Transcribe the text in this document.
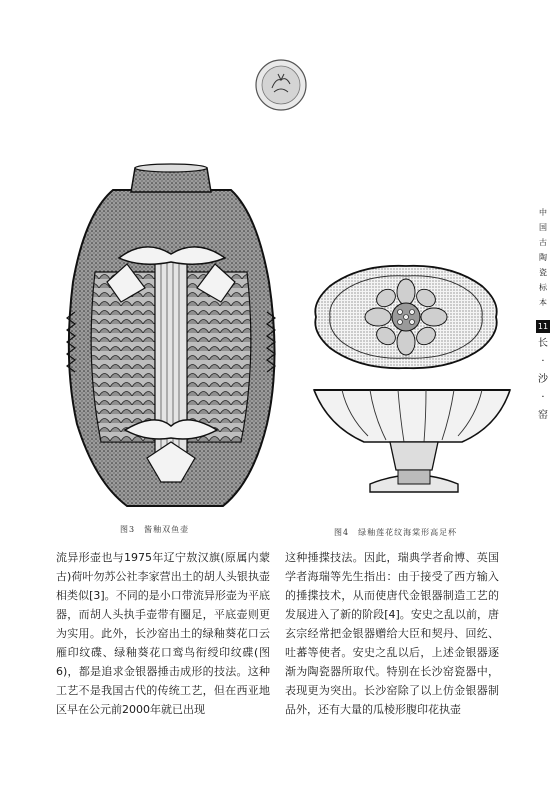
图3　酱釉双鱼壶	图4　绿釉莲花纹海棠形高足杯
中
国
古
陶
瓷
标
本
11
长
·
沙
·
窑

流异形壶也与1975年辽宁敖汉旗(原属内蒙古)荷叶勿苏公社李家营出土的胡人头银执壶相类似[3]。不同的是小口带流异形壶为平底器，而胡人头执手壶带有圈足，平底壶则更为实用。此外，长沙窑出土的绿釉葵花口云雁印纹碟、绿釉葵花口鸾鸟衔绶印纹碟(图6)，都是追求金银器捶击成形的技法。这种工艺不是我国古代的传统工艺，但在西亚地区早在公元前2000年就已出现

这种捶揲技法。因此，瑞典学者俞博、英国学者海瑞等先生指出：由于接受了西方输入的捶揲技术，从而使唐代金银器制造工艺的发展进入了新的阶段[4]。安史之乱以前，唐玄宗经常把金银器赠给大臣和契丹、回纥、吐蕃等使者。安史之乱以后，上述金银器逐渐为陶瓷器所取代。特别在长沙窑瓷器中，表现更为突出。长沙窑除了以上仿金银器制品外，还有大量的瓜棱形腹印花执壶
